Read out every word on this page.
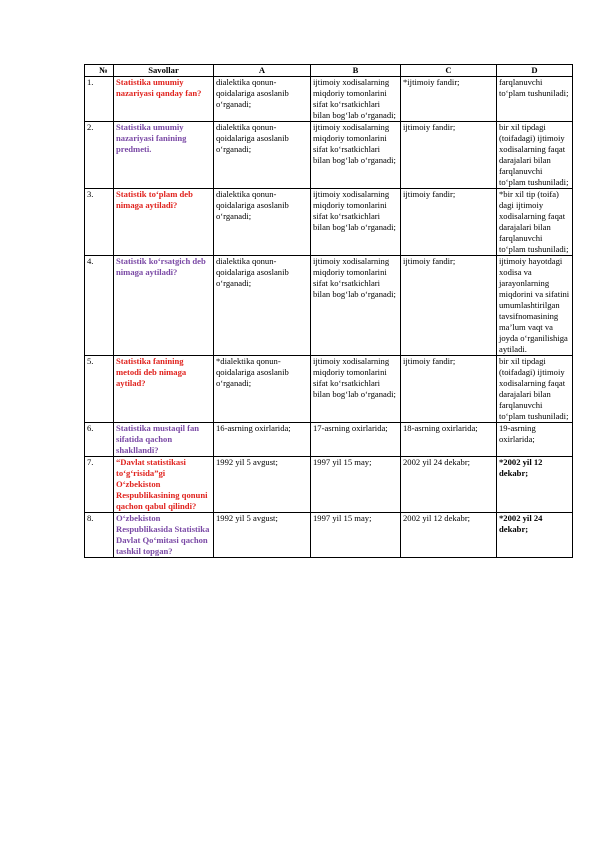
№	Savollar	A	B	C	D
1.	Statistika umumiy nazariyasi qanday fan?	dialektika qonun-qoidalariga asoslanib oʻrganadi;	ijtimoiy xodisalarning miqdoriy tomonlarini sifat koʻrsatkichlari bilan bogʻlab oʻrganadi;	*ijtimoiy fandir;	farqlanuvchi toʻplam tushuniladi;
2.	Statistika umumiy nazariyasi fanining predmeti.	dialektika qonun-qoidalariga asoslanib oʻrganadi;	ijtimoiy xodisalarning miqdoriy tomonlarini sifat koʻrsatkichlari bilan bogʻlab oʻrganadi;	ijtimoiy fandir;	bir xil tipdagi (toifadagi) ijtimoiy xodisalarning faqat darajalari bilan farqlanuvchi toʻplam tushuniladi;
3.	Statistik toʻplam deb nimaga aytiladi?	dialektika qonun-qoidalariga asoslanib oʻrganadi;	ijtimoiy xodisalarning miqdoriy tomonlarini sifat koʻrsatkichlari bilan bogʻlab oʻrganadi;	ijtimoiy fandir;	*bir xil tip (toifa) dagi ijtimoiy xodisalarning faqat darajalari bilan farqlanuvchi toʻplam tushuniladi;
4.	Statistik koʻrsatgich deb nimaga aytiladi?	dialektika qonun-qoidalariga asoslanib oʻrganadi;	ijtimoiy xodisalarning miqdoriy tomonlarini sifat koʻrsatkichlari bilan bogʻlab oʻrganadi;	ijtimoiy fandir;	ijtimoiy hayotdagi xodisa va jarayonlarning miqdorini va sifatini umumlashtirilgan tavsifnomasining maʼlum vaqt va joyda oʻrganilishiga aytiladi.
5.	Statistika fanining metodi deb nimaga aytilad?	*dialektika qonun-qoidalariga asoslanib oʻrganadi;	ijtimoiy xodisalarning miqdoriy tomonlarini sifat koʻrsatkichlari bilan bogʻlab oʻrganadi;	ijtimoiy fandir;	bir xil tipdagi (toifadagi) ijtimoiy xodisalarning faqat darajalari bilan farqlanuvchi toʻplam tushuniladi;
6.	Statistika mustaqil fan sifatida qachon shakllandi?	16-asrning oxirlarida;	17-asrning oxirlarida;	18-asrning oxirlarida;	19-asrning oxirlarida;
7.	“Davlat statistikasi toʻgʻrisida”gi Oʻzbekiston Respublikasining qonuni qachon qabul qilindi?	1992 yil 5 avgust;	1997 yil 15 may;	2002 yil 24 dekabr;	*2002 yil 12 dekabr;
8.	Oʻzbekiston Respublikasida Statistika Davlat Qoʻmitasi qachon tashkil topgan?	1992 yil 5 avgust;	1997 yil 15 may;	2002 yil 12 dekabr;	*2002 yil 24 dekabr;
